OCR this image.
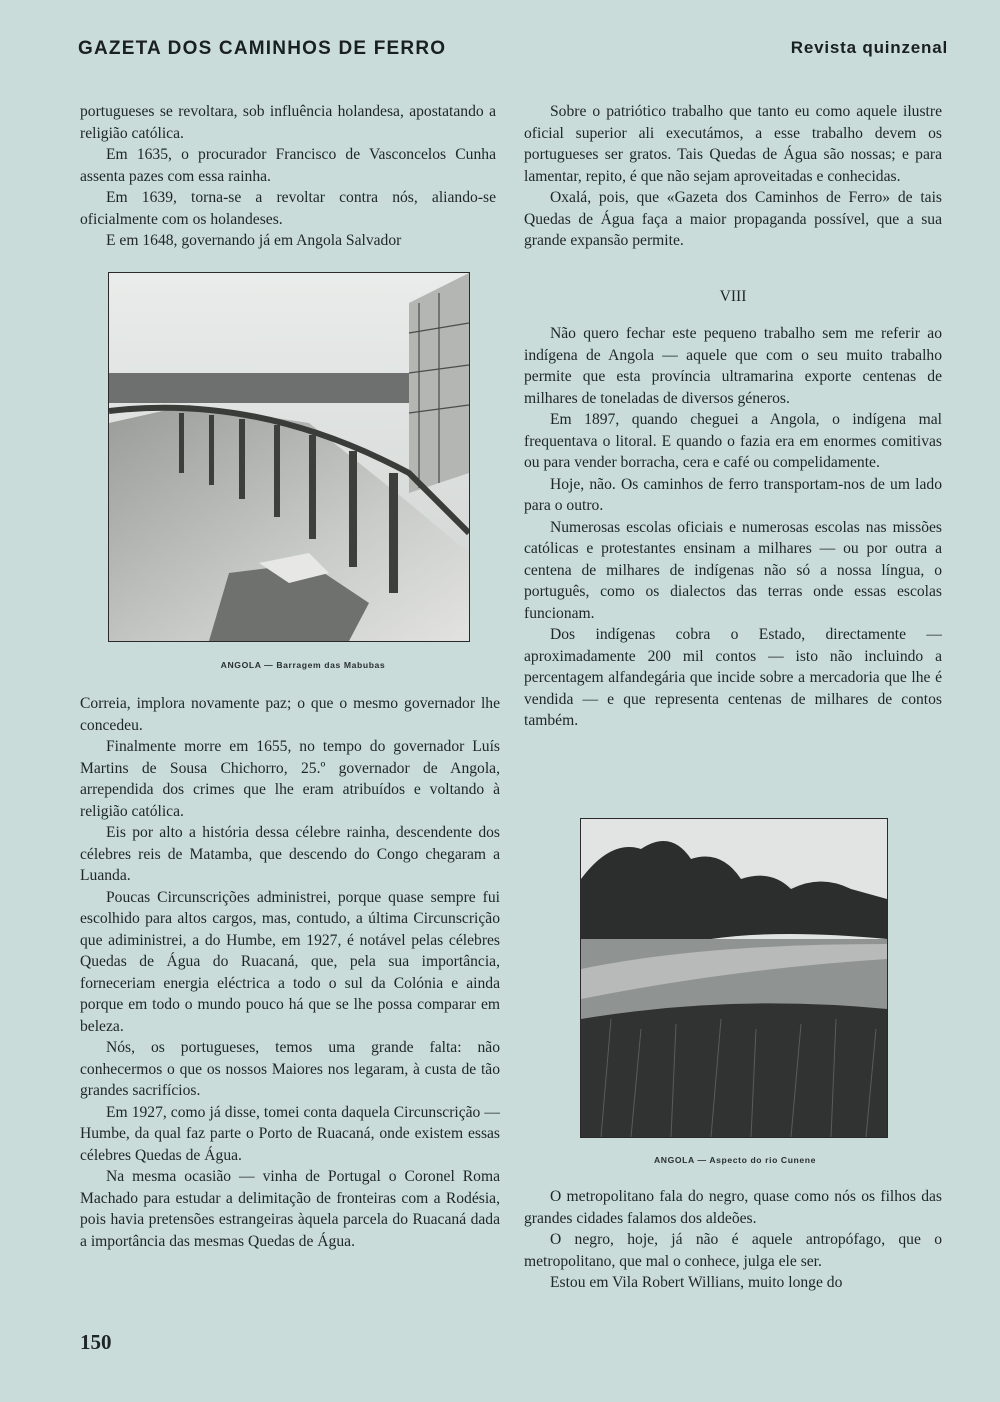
GAZETA DOS CAMINHOS DE FERRO	Revista quinzenal

portugueses se revoltara, sob influência holandesa, apostatando a religião católica.

Em 1635, o procurador Francisco de Vasconcelos Cunha assenta pazes com essa rainha.

Em 1639, torna-se a revoltar contra nós, aliando-se oficialmente com os holandeses.

E em 1648, governando já em Angola Salvador

ANGOLA — Barragem das Mabubas

Correia, implora novamente paz; o que o mesmo governador lhe concedeu.

Finalmente morre em 1655, no tempo do governador Luís Martins de Sousa Chichorro, 25.º governador de Angola, arrependida dos crimes que lhe eram atribuídos e voltando à religião católica.

Eis por alto a história dessa célebre rainha, descendente dos célebres reis de Matamba, que descendo do Congo chegaram a Luanda.

Poucas Circunscrições administrei, porque quase sempre fui escolhido para altos cargos, mas, contudo, a última Circunscrição que adiministrei, a do Humbe, em 1927, é notável pelas célebres Quedas de Água do Ruacaná, que, pela sua importância, forneceriam energia eléctrica a todo o sul da Colónia e ainda porque em todo o mundo pouco há que se lhe possa comparar em beleza.

Nós, os portugueses, temos uma grande falta: não conhecermos o que os nossos Maiores nos legaram, à custa de tão grandes sacrifícios.

Em 1927, como já disse, tomei conta daquela Circunscrição — Humbe, da qual faz parte o Porto de Ruacaná, onde existem essas célebres Quedas de Água.

Na mesma ocasião — vinha de Portugal o Coronel Roma Machado para estudar a delimitação de fronteiras com a Rodésia, pois havia pretensões estrangeiras àquela parcela do Ruacaná dada a importância das mesmas Quedas de Água.

Sobre o patriótico trabalho que tanto eu como aquele ilustre oficial superior ali executámos, a esse trabalho devem os portugueses ser gratos. Tais Quedas de Água são nossas; e para lamentar, repito, é que não sejam aproveitadas e conhecidas.

Oxalá, pois, que «Gazeta dos Caminhos de Ferro» de tais Quedas de Água faça a maior propaganda possível, que a sua grande expansão permite.

VIII

Não quero fechar este pequeno trabalho sem me referir ao indígena de Angola — aquele que com o seu muito trabalho permite que esta província ultramarina exporte centenas de milhares de toneladas de diversos géneros.

Em 1897, quando cheguei a Angola, o indígena mal frequentava o litoral. E quando o fazia era em enormes comitivas ou para vender borracha, cera e café ou compelidamente.

Hoje, não. Os caminhos de ferro transportam-nos de um lado para o outro.

Numerosas escolas oficiais e numerosas escolas nas missões católicas e protestantes ensinam a milhares — ou por outra a centena de milhares de indígenas não só a nossa língua, o português, como os dialectos das terras onde essas escolas funcionam.

Dos indígenas cobra o Estado, directamente — aproximadamente 200 mil contos — isto não incluindo a percentagem alfandegária que incide sobre a mercadoria que lhe é vendida — e que representa centenas de milhares de contos também.

ANGOLA — Aspecto do rio Cunene

O metropolitano fala do negro, quase como nós os filhos das grandes cidades falamos dos aldeões.

O negro, hoje, já não é aquele antropófago, que o metropolitano, que mal o conhece, julga ele ser.

Estou em Vila Robert Willians, muito longe do

150
